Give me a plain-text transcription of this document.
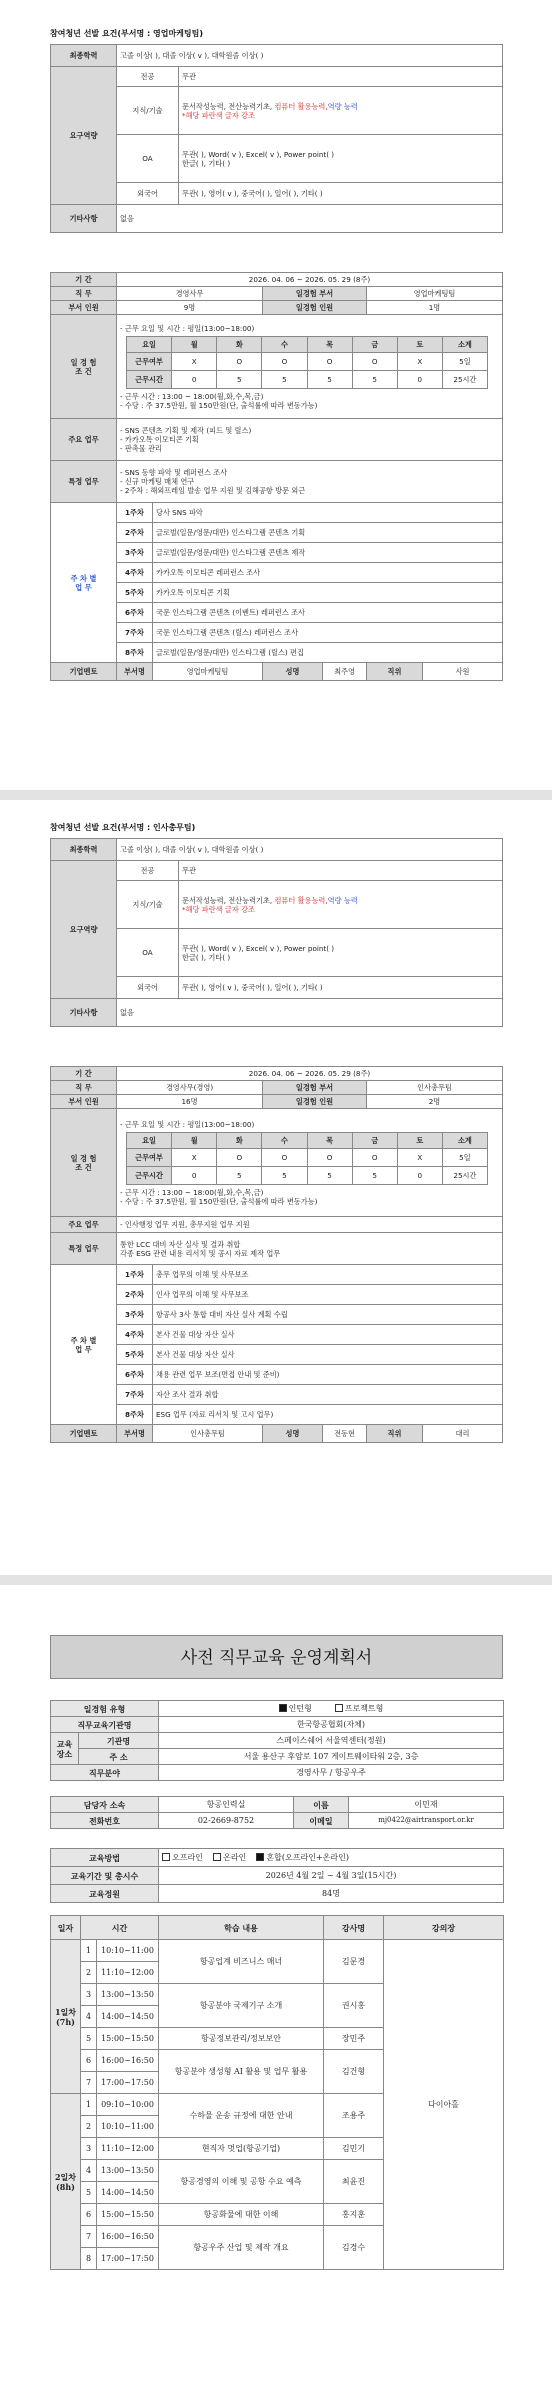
참여청년 선발 요건(부서명 : 영업마케팅팀)
최종학력	고졸 이상( ), 대졸 이상( v ), 대학원졸 이상( )	
요구역량	전공	무관
	지식/기술	문서작성능력, 전산능력기초, 컴퓨터 활용능력,역량 능력
*해당 파란색 글자 강조

	OA	무관( ), Word( v ), Excel( v ), Power point( )
한글( ), 기타( )

	외국어	무관( ), 영어( v ), 중국어( ), 일어( ), 기타( )
기타사항	없음	
기 간	2026. 04. 06 ~ 2026. 05. 29 (8주)
직 무	경영사무	일경험 부서	영업마케팅팀
부서 인원	9명	일경험 인원	1명
일 경 험
조 건	
- 근무 요일 및 시간 : 평일(13:00~18:00)
요일	월	화	수	목	금	토	소계
근무여부	X	O	O	O	O	X	5일
근무시간	0	5	5	5	5	0	25시간
- 근무 시간 : 13:00 ~ 18:00(월,화,수,목,금)
- 수당 : 주 37.5만원, 월 150만원(단, 출석률에 따라 변동가능)

주요 업무	
- SNS 콘텐츠 기획 및 제작 (피드 및 릴스)
- 카카오톡 이모티콘 기획
- 판촉물 관리

특정 업무	
- SNS 동향 파악 및 레퍼런스 조사
- 신규 마케팅 매체 연구
- 2주차 : 해외프레임 발송 업무 지원 및 김해공항 방문 외근

주 차 별
업 무	1주차	당사 SNS 파악
2주차	글로벌(일문/영문/대만) 인스타그램 콘텐츠 기획
3주차	글로벌(일문/영문/대만) 인스타그램 콘텐츠 제작
4주차	카카오톡 이모티콘 레퍼런스 조사
5주차	카카오톡 이모티콘 기획
6주차	국문 인스타그램 콘텐츠 (이벤트) 레퍼런스 조사
7주차	국문 인스타그램 콘텐츠 (릴스) 레퍼런스 조사
8주차	글로벌(일문/영문/대만) 인스타그램 (릴스) 편집
기업멘토	부서명	영업마케팅팀	성명	최주영	직위	사원
참여청년 선발 요건(부서명 : 인사총무팀)
최종학력	고졸 이상( ), 대졸 이상( v ), 대학원졸 이상( )	
요구역량	전공	무관
	지식/기술	문서작성능력, 전산능력기초, 컴퓨터 활용능력,역량 능력
*해당 파란색 글자 강조

	OA	무관( ), Word( v ), Excel( v ), Power point( )
한글( ), 기타( )

	외국어	무관( ), 영어( v ), 중국어( ), 일어( ), 기타( )
기타사항	없음	
기 간	2026. 04. 06 ~ 2026. 05. 29 (8주)
직 무	경영사무(경영)	일경험 부서	인사총무팀
부서 인원	16명	일경험 인원	2명
일 경 험
조 건	
- 근무 요일 및 시간 : 평일(13:00~18:00)
요일	월	화	수	목	금	토	소계
근무여부	X	O	O	O	O	X	5일
근무시간	0	5	5	5	5	0	25시간
- 근무 시간 : 13:00 ~ 18:00(월,화,수,목,금)
- 수당 : 주 37.5만원, 월 150만원(단, 출석률에 따라 변동가능)

주요 업무	- 인사행정 업무 지원, 총무지원 업무 지원
특정 업무	통한 LCC 대비 자산 실사 및 결과 취합
각종 ESG 관련 내용 리서치 및 공시 자료 제작 업무

주 차 별
업 무	1주차	총무 업무의 이해 및 사무보조
2주차	인사 업무의 이해 및 사무보조
3주차	항공사 3사 통합 대비 자산 실사 계획 수립
4주차	본사 건물 대상 자산 실사
5주차	본사 건물 대상 자산 실사
6주차	채용 관련 업무 보조(면접 안내 및 준비)
7주차	자산 조사 결과 취합
8주차	ESG 업무 (자료 리서치 및 고시 업무)
기업멘토	부서명	인사총무팀	성명	전동현	직위	대리
사전 직무교육 운영계획서
일경험 유형		인턴형 프로젝트형
직무교육기관명		한국항공협회(자체)
교육
장소	기관명	스페이스쉐어 서울역센터(정원)
	주 소	서울 용산구 후암로 107 게이트웨이타워 2층, 3층
직무분야		경영사무 / 항공우주
담당자 소속	항공인력실	이름	이민재
전화번호	02-2669-8752	이메일	mj0422@airtransport.or.kr
교육방법	오프라인 온라인 혼합(오프라인+온라인)
교육기간 및 총시수	2026년 4월 2일 ~ 4월 3일(15시간)
교육정원	84명
일자	시간		학습 내용	강사명	강의장
1일차
(7h)	1	10:10~11:00	항공업계 비즈니스 매너	김문경	다이아홀
	2	11:10~12:00			
	3	13:00~13:50	항공분야 국제기구 소개	권시홍	
	4	14:00~14:50			
	5	15:00~15:50	항공정보관리/정보보안	장민주	
	6	16:00~16:50	항공분야 생성형 AI 활용 및 업무 활용	김건형	
	7	17:00~17:50			
2일차
(8h)	1	09:10~10:00	수하물 운송 규정에 대한 안내	조용주	
	2	10:10~11:00			
	3	11:10~12:00	현직자 멋업(항공기업)	김민기	
	4	13:00~13:50	항공경영의 이해 및 공항 수요 예측	최윤진	
	5	14:00~14:50			
	6	15:00~15:50	항공화물에 대한 이해	홍지훈	
	7	16:00~16:50	항공우주 산업 및 제작 개요	김경수	
	8	17:00~17:50			
